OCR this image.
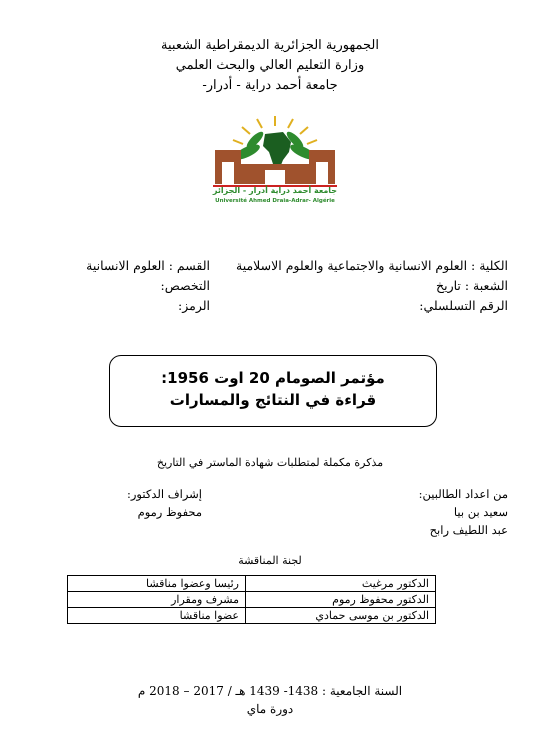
الجمهورية الجزائرية الديمقراطية الشعبية
وزارة التعليم العالي والبحث العلمي
جامعة أحمد دراية - أدرار-
جامعة أحمد دراية أدرار - الجزائر
Université Ahmed Draia-Adrar- Algérie
الكلية : العلوم الانسانية والاجتماعية والعلوم الاسلامية
الشعبة : تاريخ
الرقم التسلسلي:
القسم : العلوم الانسانية
التخصص:
الرمز:
مؤتمر الصومام 20 اوت 1956:
قراءة في النتائج والمسارات
مذكرة مكملة لمتطلبات شهادة الماستر في التاريخ
من اعداد الطالبين:
سعيد بن بيا
عبد اللطيف رابح
إشراف الدكتور:
محفوظ رموم
لجنة المناقشة
رئيسا وعضوا مناقشا	الدكتور مرغيث
مشرف ومقرار	الدكتور محفوظ رموم
عضوا مناقشا	الدكتور بن موسى حمادي
السنة الجامعية : 1438- 1439 هـ / 2017 – 2018 م
دورة ماي
